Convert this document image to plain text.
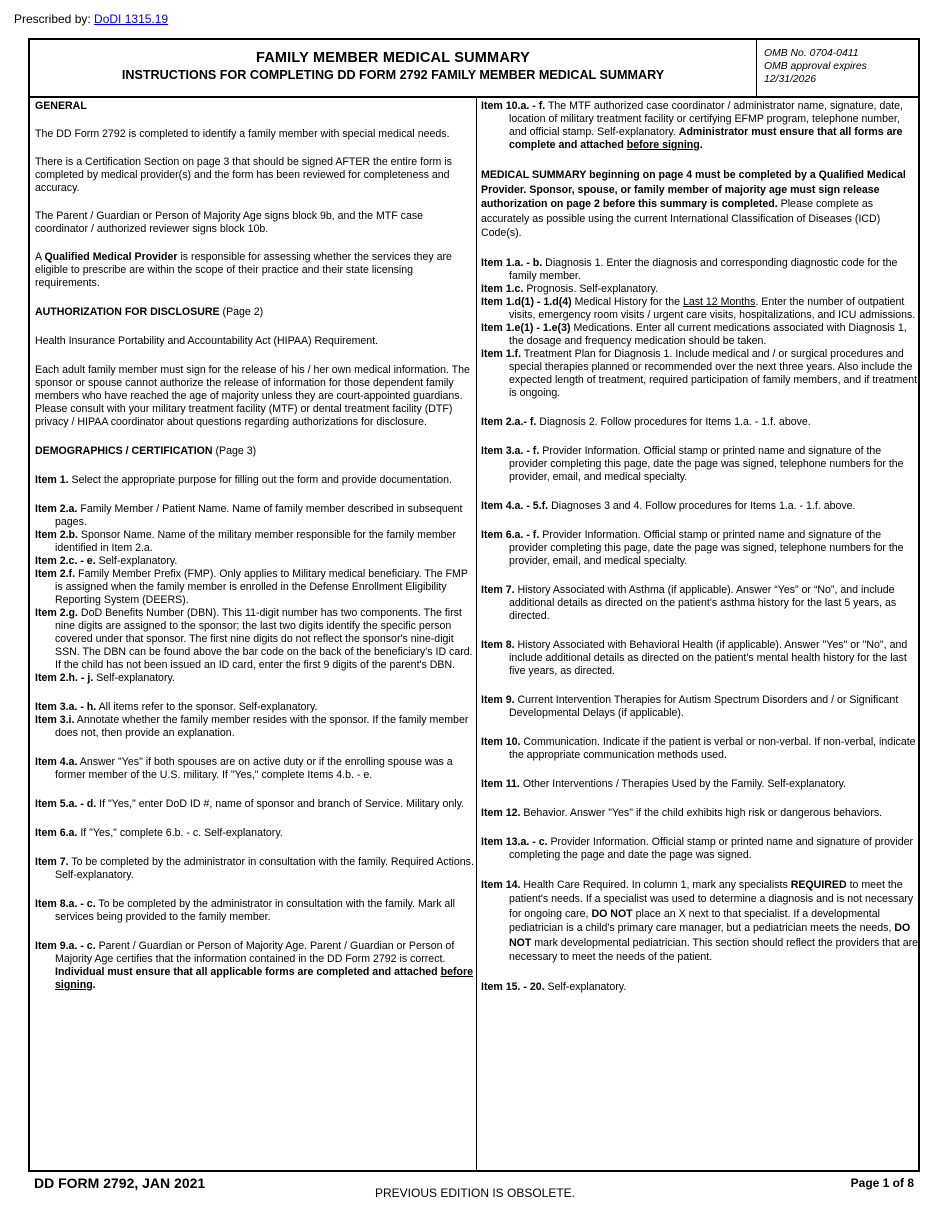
Prescribed by: DoDI 1315.19
FAMILY MEMBER MEDICAL SUMMARY
INSTRUCTIONS FOR COMPLETING DD FORM 2792 FAMILY MEMBER MEDICAL SUMMARY
OMB No. 0704-0411
OMB approval expires
12/31/2026

GENERAL

The DD Form 2792 is completed to identify a family member with special medical needs.

There is a Certification Section on page 3 that should be signed AFTER the entire form is completed by medical provider(s) and the form has been reviewed for completeness and accuracy.

The Parent / Guardian or Person of Majority Age signs block 9b, and the MTF case coordinator / authorized reviewer signs block 10b.

A Qualified Medical Provider is responsible for assessing whether the services they are eligible to prescribe are within the scope of their practice and their state licensing requirements.

AUTHORIZATION FOR DISCLOSURE (Page 2)

Health Insurance Portability and Accountability Act (HIPAA) Requirement.

Each adult family member must sign for the release of his / her own medical information. The sponsor or spouse cannot authorize the release of information for those dependent family members who have reached the age of majority unless they are court-appointed guardians. Please consult with your military treatment facility (MTF) or dental treatment facility (DTF) privacy / HIPAA coordinator about questions regarding authorizations for disclosure.

DEMOGRAPHICS / CERTIFICATION (Page 3)

Item 1. Select the appropriate purpose for filling out the form and provide documentation.

Item 2.a. Family Member / Patient Name. Name of family member described in subsequent pages.

Item 2.b. Sponsor Name. Name of the military member responsible for the family member identified in Item 2.a.

Item 2.c. - e. Self-explanatory.

Item 2.f. Family Member Prefix (FMP). Only applies to Military medical beneficiary. The FMP is assigned when the family member is enrolled in the Defense Enrollment Eligibility Reporting System (DEERS).

Item 2.g. DoD Benefits Number (DBN). This 11-digit number has two components. The first nine digits are assigned to the sponsor; the last two digits identify the specific person covered under that sponsor. The first nine digits do not reflect the sponsor's nine-digit SSN. The DBN can be found above the bar code on the back of the beneficiary's ID card. If the child has not been issued an ID card, enter the first 9 digits of the parent's DBN.

Item 2.h. - j. Self-explanatory.

Item 3.a. - h. All items refer to the sponsor. Self-explanatory.

Item 3.i. Annotate whether the family member resides with the sponsor. If the family member does not, then provide an explanation.

Item 4.a. Answer "Yes" if both spouses are on active duty or if the enrolling spouse was a former member of the U.S. military. If "Yes," complete Items 4.b. - e.

Item 5.a. - d. If "Yes," enter DoD ID #, name of sponsor and branch of Service. Military only.

Item 6.a. If "Yes," complete 6.b. - c. Self-explanatory.

Item 7. To be completed by the administrator in consultation with the family. Required Actions. Self-explanatory.

Item 8.a. - c. To be completed by the administrator in consultation with the family. Mark all services being provided to the family member.

Item 9.a. - c. Parent / Guardian or Person of Majority Age. Parent / Guardian or Person of Majority Age certifies that the information contained in the DD Form 2792 is correct. Individual must ensure that all applicable forms are completed and attached before signing.

Item 10.a. - f. The MTF authorized case coordinator / administrator name, signature, date, location of military treatment facility or certifying EFMP program, telephone number, and official stamp. Self-explanatory. Administrator must ensure that all forms are complete and attached before signing.

MEDICAL SUMMARY beginning on page 4 must be completed by a Qualified Medical Provider. Sponsor, spouse, or family member of majority age must sign release authorization on page 2 before this summary is completed. Please complete as accurately as possible using the current International Classification of Diseases (ICD) Code(s).

Item 1.a. - b. Diagnosis 1. Enter the diagnosis and corresponding diagnostic code for the family member.

Item 1.c. Prognosis. Self-explanatory.

Item 1.d(1) - 1.d(4) Medical History for the Last 12 Months. Enter the number of outpatient visits, emergency room visits / urgent care visits, hospitalizations, and ICU admissions.

Item 1.e(1) - 1.e(3) Medications. Enter all current medications associated with Diagnosis 1, the dosage and frequency medication should be taken.

Item 1.f. Treatment Plan for Diagnosis 1. Include medical and / or surgical procedures and special therapies planned or recommended over the next three years. Also include the expected length of treatment, required participation of family members, and if treatment is ongoing.

Item 2.a.- f. Diagnosis 2. Follow procedures for Items 1.a. - 1.f. above.

Item 3.a. - f. Provider Information. Official stamp or printed name and signature of the provider completing this page, date the page was signed, telephone numbers for the provider, email, and medical specialty.

Item 4.a. - 5.f. Diagnoses 3 and 4. Follow procedures for Items 1.a. - 1.f. above.

Item 6.a. - f. Provider Information. Official stamp or printed name and signature of the provider completing this page, date the page was signed, telephone numbers for the provider, email, and medical specialty.

Item 7. History Associated with Asthma (if applicable). Answer “Yes” or “No”, and include additional details as directed on the patient's asthma history for the last 5 years, as directed.

Item 8. History Associated with Behavioral Health (if applicable). Answer "Yes" or "No", and include additional details as directed on the patient's mental health history for the last five years, as directed.

Item 9. Current Intervention Therapies for Autism Spectrum Disorders and / or Significant Developmental Delays (if applicable).

Item 10. Communication. Indicate if the patient is verbal or non-verbal. If non-verbal, indicate the appropriate communication methods used.

Item 11. Other Interventions / Therapies Used by the Family. Self-explanatory.

Item 12. Behavior. Answer "Yes" if the child exhibits high risk or dangerous behaviors.

Item 13.a. - c. Provider Information. Official stamp or printed name and signature of provider completing the page and date the page was signed.

Item 14. Health Care Required. In column 1, mark any specialists REQUIRED to meet the patient's needs. If a specialist was used to determine a diagnosis and is not necessary for ongoing care, DO NOT place an X next to that specialist. If a developmental pediatrician is a child's primary care manager, but a pediatrician meets the needs, DO NOT mark developmental pediatrician. This section should reflect the providers that are necessary to meet the needs of the patient.

Item 15. - 20. Self-explanatory.

DD FORM 2792, JAN 2021
PREVIOUS EDITION IS OBSOLETE.
Page 1 of 8
